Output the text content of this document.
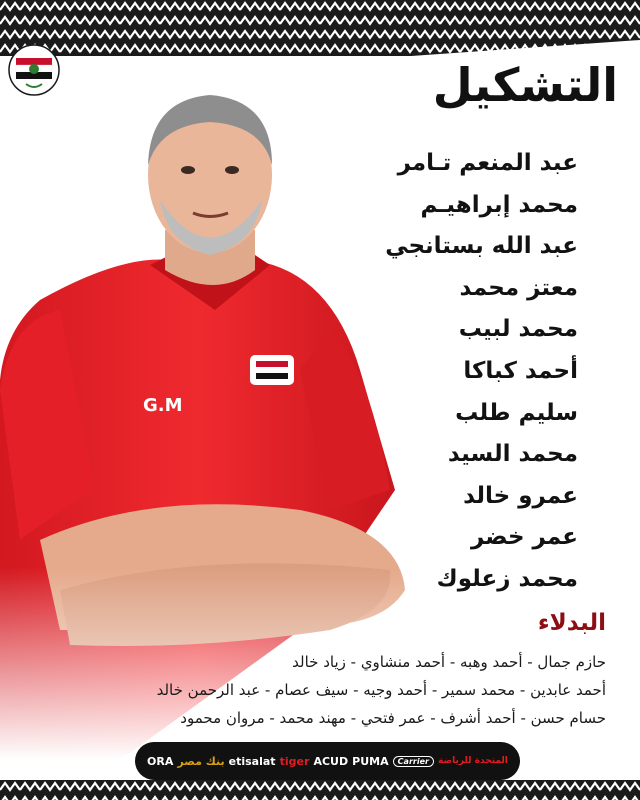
G.M
التشكيل
عبد المنعم تـامر
محمد إبراهيـم
عبد الله بستانجي
معتز محمد
محمد لبيب
أحمد كباكا
سليم طلب
محمد السيد
عمرو خالد
عمر خضر
محمد زعلوك
البدلاء
حازم جمال - أحمد وهبه - أحمد منشاوي - زياد خالد
أحمد عابدين - محمد سمير - أحمد وجيه - سيف عصام - عبد الرحمن خالد
حسام حسن - أحمد أشرف - عمر فتحي - مهند محمد - مروان محمود
ORA بنك مصر etisalat tiger ACUD PUMA	Carrier	المتحدة للرياضة
